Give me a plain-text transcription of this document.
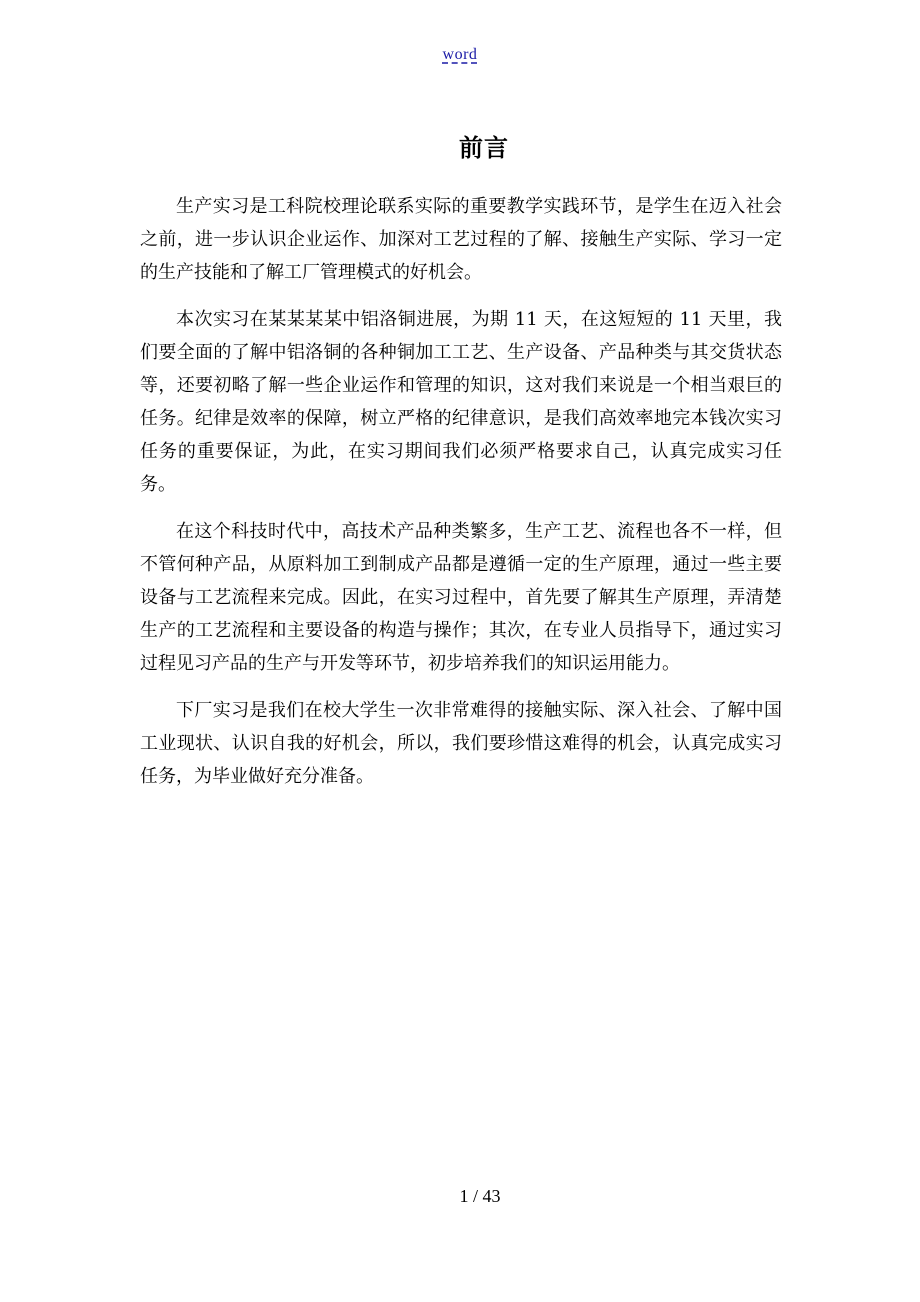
word
前言

生产实习是工科院校理论联系实际的重要教学实践环节，是学生在迈入社会之前，进一步认识企业运作、加深对工艺过程的了解、接触生产实际、学习一定的生产技能和了解工厂管理模式的好机会。

本次实习在某某某某中铝洛铜进展，为期 11 天，在这短短的 11 天里，我们要全面的了解中铝洛铜的各种铜加工工艺、生产设备、产品种类与其交货状态等，还要初略了解一些企业运作和管理的知识，这对我们来说是一个相当艰巨的任务。纪律是效率的保障，树立严格的纪律意识，是我们高效率地完本钱次实习任务的重要保证，为此，在实习期间我们必须严格要求自己，认真完成实习任务。

在这个科技时代中，高技术产品种类繁多，生产工艺、流程也各不一样，但不管何种产品，从原料加工到制成产品都是遵循一定的生产原理，通过一些主要设备与工艺流程来完成。因此，在实习过程中，首先要了解其生产原理，弄清楚生产的工艺流程和主要设备的构造与操作；其次，在专业人员指导下，通过实习过程见习产品的生产与开发等环节，初步培养我们的知识运用能力。

下厂实习是我们在校大学生一次非常难得的接触实际、深入社会、了解中国工业现状、认识自我的好机会，所以，我们要珍惜这难得的机会，认真完成实习任务，为毕业做好充分准备。

1 / 43
